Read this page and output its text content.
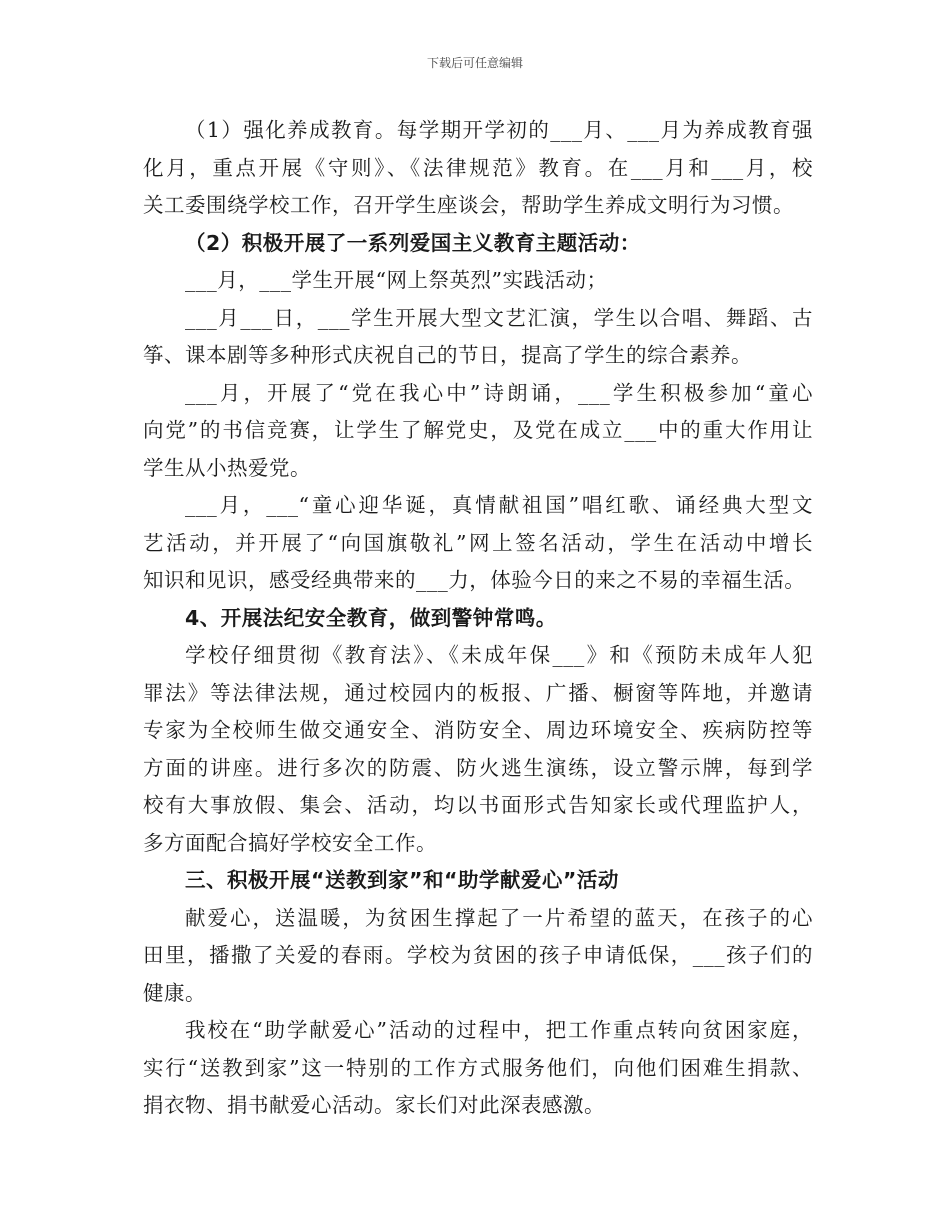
下载后可任意编辑
（1）强化养成教育。每学期开学初的___月、___月为养成教育强
化月，重点开展《守则》、《法律规范》教育。在___月和___月，校
关工委围绕学校工作，召开学生座谈会，帮助学生养成文明行为习惯。
（2）积极开展了一系列爱国主义教育主题活动：
___月，___学生开展“网上祭英烈”实践活动；
___月___日，___学生开展大型文艺汇演，学生以合唱、舞蹈、古
筝、课本剧等多种形式庆祝自己的节日，提高了学生的综合素养。
___月，开展了“党在我心中”诗朗诵，___学生积极参加“童心
向党”的书信竞赛，让学生了解党史，及党在成立___中的重大作用让
学生从小热爱党。
___月，___“童心迎华诞，真情献祖国”唱红歌、诵经典大型文
艺活动，并开展了“向国旗敬礼”网上签名活动，学生在活动中增长
知识和见识，感受经典带来的___力，体验今日的来之不易的幸福生活。
4、开展法纪安全教育，做到警钟常鸣。
学校仔细贯彻《教育法》、《未成年保___》和《预防未成年人犯
罪法》等法律法规，通过校园内的板报、广播、橱窗等阵地，并邀请
专家为全校师生做交通安全、消防安全、周边环境安全、疾病防控等
方面的讲座。进行多次的防震、防火逃生演练，设立警示牌，每到学
校有大事放假、集会、活动，均以书面形式告知家长或代理监护人，
多方面配合搞好学校安全工作。
三、积极开展“送教到家”和“助学献爱心”活动
献爱心，送温暖，为贫困生撑起了一片希望的蓝天，在孩子的心
田里，播撒了关爱的春雨。学校为贫困的孩子申请低保，___孩子们的
健康。
我校在“助学献爱心”活动的过程中，把工作重点转向贫困家庭，
实行“送教到家”这一特别的工作方式服务他们，向他们困难生捐款、
捐衣物、捐书献爱心活动。家长们对此深表感激。
